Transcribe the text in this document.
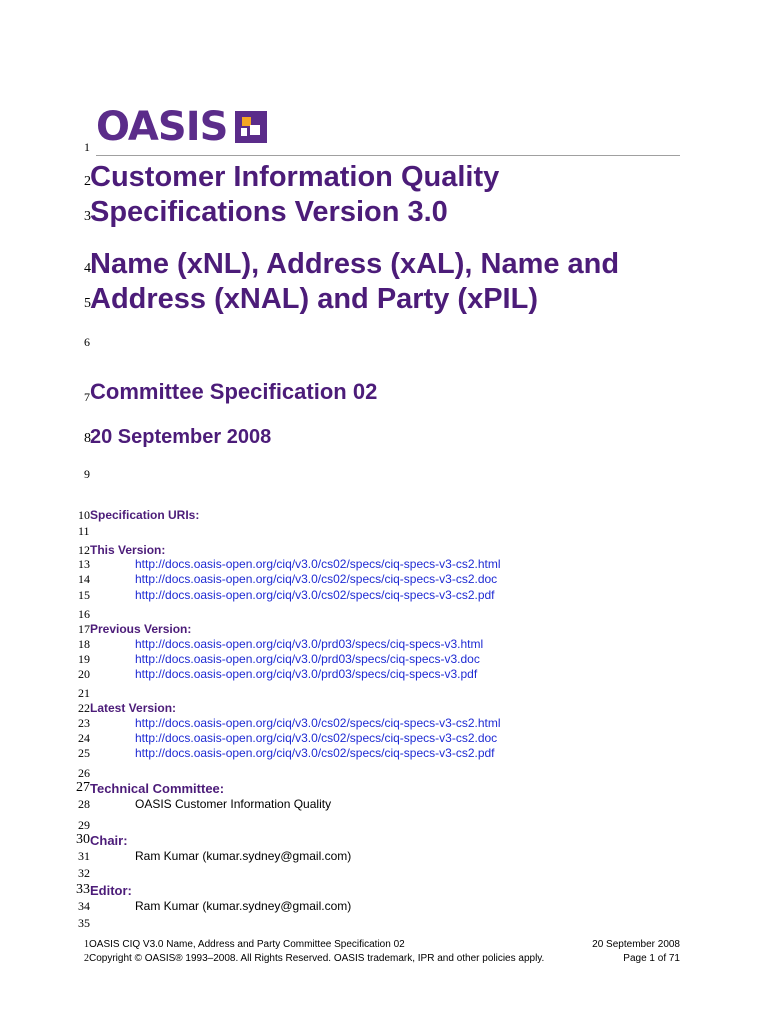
OASIS
1
2
3
4
5
6
7
8
9
10
11
12
13
14
15
16
17
18
19
20
21
22
23
24
25
26
27
28
29
30
31
32
33
34
35
Customer Information Quality
Specifications Version 3.0
Name (xNL), Address (xAL), Name and
Address (xNAL) and Party (xPIL)
Committee Specification 02
20 September 2008
Specification URIs:
This Version:
http://docs.oasis-open.org/ciq/v3.0/cs02/specs/ciq-specs-v3-cs2.html
http://docs.oasis-open.org/ciq/v3.0/cs02/specs/ciq-specs-v3-cs2.doc
http://docs.oasis-open.org/ciq/v3.0/cs02/specs/ciq-specs-v3-cs2.pdf
Previous Version:
http://docs.oasis-open.org/ciq/v3.0/prd03/specs/ciq-specs-v3.html
http://docs.oasis-open.org/ciq/v3.0/prd03/specs/ciq-specs-v3.doc
http://docs.oasis-open.org/ciq/v3.0/prd03/specs/ciq-specs-v3.pdf
Latest Version:
http://docs.oasis-open.org/ciq/v3.0/cs02/specs/ciq-specs-v3-cs2.html
http://docs.oasis-open.org/ciq/v3.0/cs02/specs/ciq-specs-v3-cs2.doc
http://docs.oasis-open.org/ciq/v3.0/cs02/specs/ciq-specs-v3-cs2.pdf
Technical Committee:
OASIS Customer Information Quality
Chair:
Ram Kumar (kumar.sydney@gmail.com)
Editor:
Ram Kumar (kumar.sydney@gmail.com)
1OASIS CIQ V3.0 Name, Address and Party Committee Specification 02
2Copyright © OASIS® 1993–2008. All Rights Reserved. OASIS trademark, IPR and other policies apply.
20 September 2008
Page 1 of 71
